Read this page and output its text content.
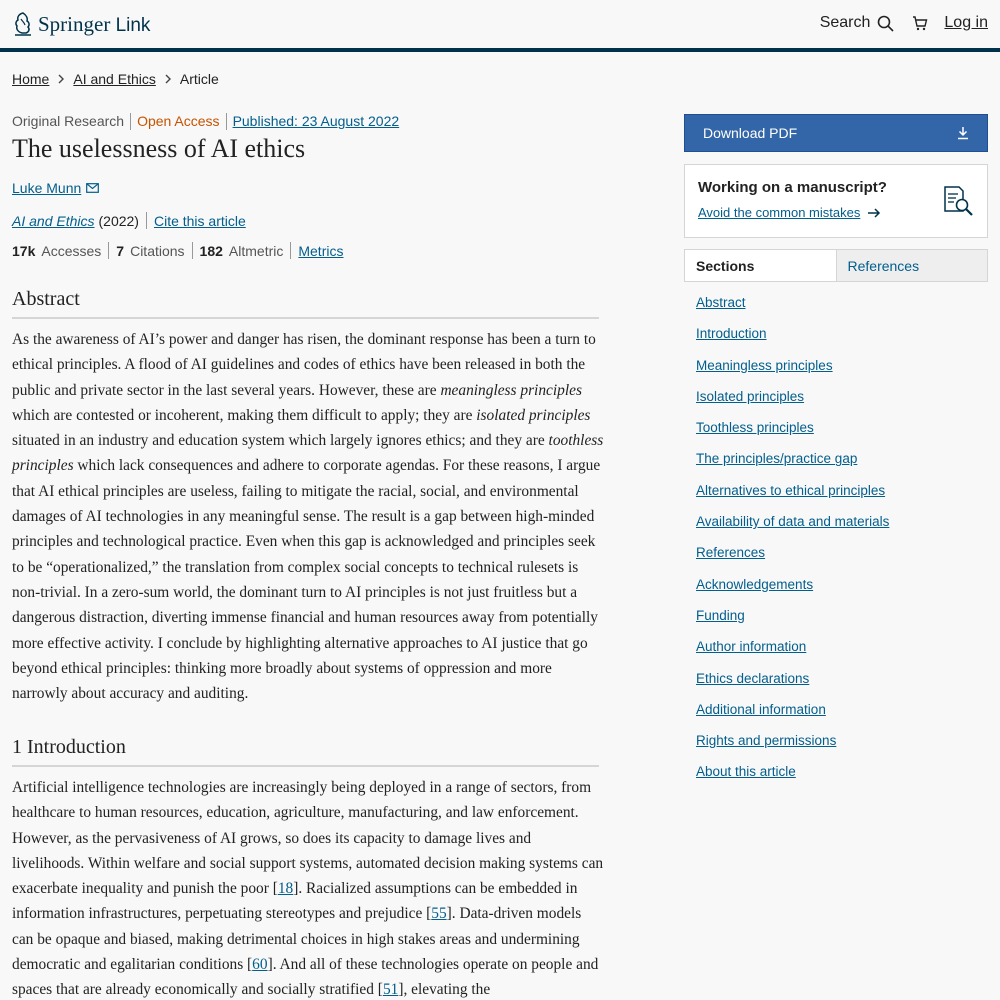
Springer Link	Search	Log in
Home AI and Ethics Article
Original Research Open Access Published: 23 August 2022
The uselessness of AI ethics
Luke Munn
AI and Ethics (2022) Cite this article
17k Accesses 7 Citations 182 Altmetric Metrics
Abstract

As the awareness of AI’s power and danger has risen, the dominant response has been a turn to ethical principles. A flood of AI guidelines and codes of ethics have been released in both the public and private sector in the last several years. However, these are meaningless principles which are contested or incoherent, making them difficult to apply; they are isolated principles situated in an industry and education system which largely ignores ethics; and they are toothless principles which lack consequences and adhere to corporate agendas. For these reasons, I argue that AI ethical principles are useless, failing to mitigate the racial, social, and environmental damages of AI technologies in any meaningful sense. The result is a gap between high-minded principles and technological practice. Even when this gap is acknowledged and principles seek to be “operationalized,” the translation from complex social concepts to technical rulesets is non-trivial. In a zero-sum world, the dominant turn to AI principles is not just fruitless but a dangerous distraction, diverting immense financial and human resources away from potentially more effective activity. I conclude by highlighting alternative approaches to AI justice that go beyond ethical principles: thinking more broadly about systems of oppression and more narrowly about accuracy and auditing.

1 Introduction

Artificial intelligence technologies are increasingly being deployed in a range of sectors, from healthcare to human resources, education, agriculture, manufacturing, and law enforcement. However, as the pervasiveness of AI grows, so does its capacity to damage lives and livelihoods. Within welfare and social support systems, automated decision making systems can exacerbate inequality and punish the poor [18]. Racialized assumptions can be embedded in information infrastructures, perpetuating stereotypes and prejudice [55]. Data-driven models can be opaque and biased, making detrimental choices in high stakes areas and undermining democratic and egalitarian conditions [60]. And all of these technologies operate on people and spaces that are already economically and socially stratified [51], elevating the

Download PDF
Working on a manuscript?
Avoid the common mistakes
Sections	References
Abstract
Introduction
Meaningless principles
Isolated principles
Toothless principles
The principles/practice gap
Alternatives to ethical principles
Availability of data and materials
References
Acknowledgements
Funding
Author information
Ethics declarations
Additional information
Rights and permissions
About this article
